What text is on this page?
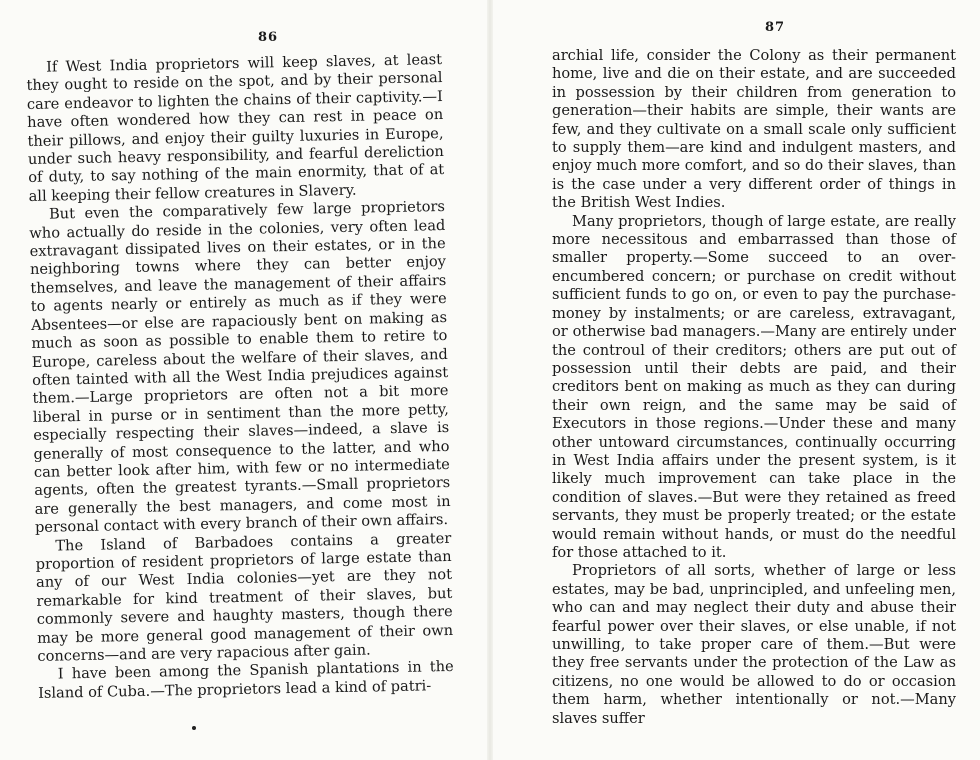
86

If West India proprietors will keep slaves, at least they ought to reside on the spot, and by their personal care endeavor to lighten the chains of their captivity.—I have often wondered how they can rest in peace on their pillows, and enjoy their guilty luxuries in Europe, under such heavy responsibility, and fearful dereliction of duty, to say nothing of the main enormity, that of at all keeping their fellow creatures in Slavery.

But even the comparatively few large proprietors who actually do reside in the colonies, very often lead extravagant dissipated lives on their estates, or in the neighboring towns where they can better enjoy themselves, and leave the management of their affairs to agents nearly or entirely as much as if they were Absentees—or else are rapaciously bent on making as much as soon as possible to enable them to retire to Europe, careless about the welfare of their slaves, and often tainted with all the West India prejudices against them.—Large proprietors are often not a bit more liberal in purse or in sentiment than the more petty, especially respecting their slaves—indeed, a slave is generally of most consequence to the latter, and who can better look after him, with few or no intermediate agents, often the greatest tyrants.—Small proprietors are generally the best managers, and come most in personal contact with every branch of their own affairs.

The Island of Barbadoes contains a greater proportion of resident proprietors of large estate than any of our West India colonies—yet are they not remarkable for kind treatment of their slaves, but commonly severe and haughty masters, though there may be more general good management of their own concerns—and are very rapacious after gain.

I have been among the Spanish plantations in the Island of Cuba.—The proprietors lead a kind of patri-

87

archial life, consider the Colony as their permanent home, live and die on their estate, and are succeeded in possession by their children from generation to generation—their habits are simple, their wants are few, and they cultivate on a small scale only sufficient to supply them—are kind and indulgent masters, and enjoy much more comfort, and so do their slaves, than is the case under a very different order of things in the British West Indies.

Many proprietors, though of large estate, are really more necessitous and embarrassed than those of smaller property.—Some succeed to an over-encumbered concern; or purchase on credit without sufficient funds to go on, or even to pay the purchase-money by instalments; or are careless, extravagant, or otherwise bad managers.—Many are entirely under the controul of their creditors; others are put out of possession until their debts are paid, and their creditors bent on making as much as they can during their own reign, and the same may be said of Executors in those regions.—Under these and many other untoward circumstances, continually occurring in West India affairs under the present system, is it likely much improvement can take place in the condition of slaves.—But were they retained as freed servants, they must be properly treated; or the estate would remain without hands, or must do the needful for those attached to it.

Proprietors of all sorts, whether of large or less estates, may be bad, unprincipled, and unfeeling men, who can and may neglect their duty and abuse their fearful power over their slaves, or else unable, if not unwilling, to take proper care of them.—But were they free servants under the protection of the Law as citizens, no one would be allowed to do or occasion them harm, whether intentionally or not.—Many slaves suffer
